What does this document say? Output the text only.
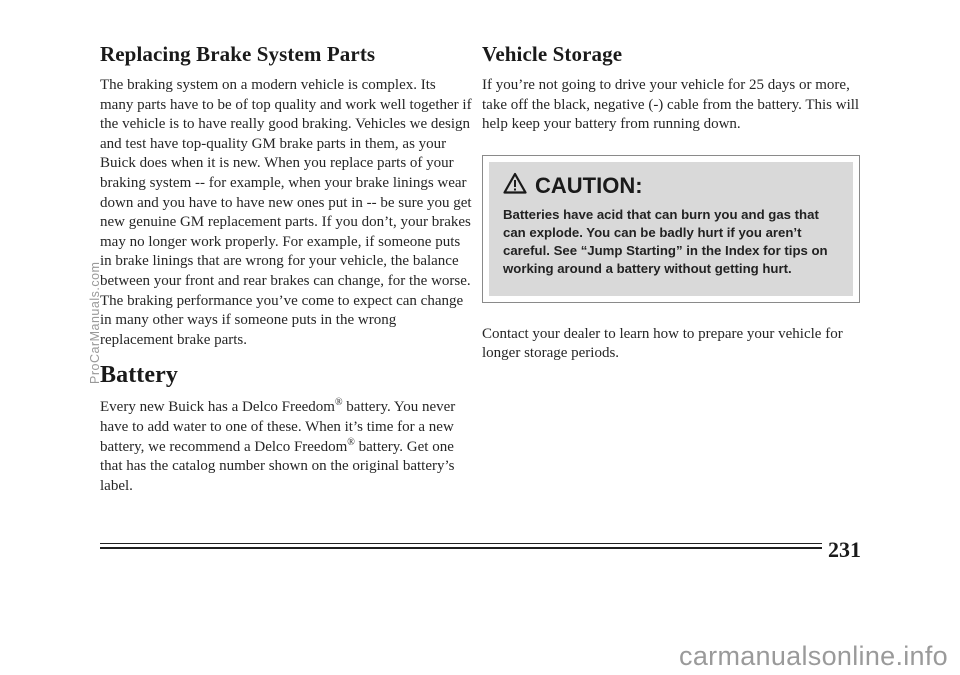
Replacing Brake System Parts

The braking system on a modern vehicle is complex. Its many parts have to be of top quality and work well together if the vehicle is to have really good braking. Vehicles we design and test have top-quality GM brake parts in them, as your Buick does when it is new. When you replace parts of your braking system -- for example, when your brake linings wear down and you have to have new ones put in -- be sure you get new genuine GM replacement parts. If you don’t, your brakes may no longer work properly. For example, if someone puts in brake linings that are wrong for your vehicle, the balance between your front and rear brakes can change, for the worse. The braking performance you’ve come to expect can change in many other ways if someone puts in the wrong replacement brake parts.

Battery

Every new Buick has a Delco Freedom® battery. You never have to add water to one of these. When it’s time for a new battery, we recommend a Delco Freedom® battery. Get one that has the catalog number shown on the original battery’s label.

Vehicle Storage

If you’re not going to drive your vehicle for 25 days or more, take off the black, negative (-) cable from the battery. This will help keep your battery from running down.

CAUTION:
Batteries have acid that can burn you and gas that can explode. You can be badly hurt if you aren’t careful. See “Jump Starting” in the Index for tips on working around a battery without getting hurt.

Contact your dealer to learn how to prepare your vehicle for longer storage periods.

231
ProCarManuals.com
carmanualsonline.info
